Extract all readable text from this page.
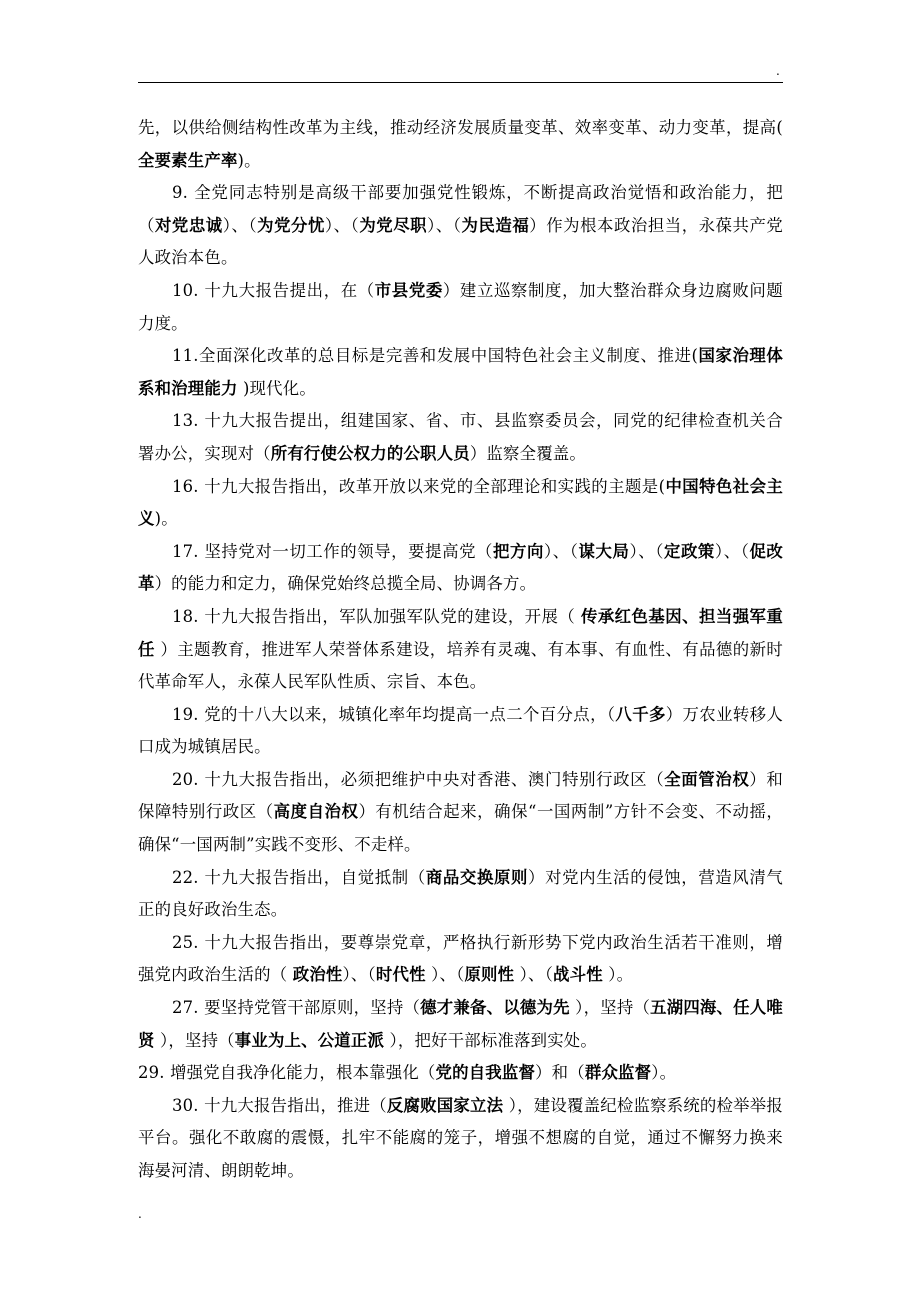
.

先，以供给侧结构性改革为主线，推动经济发展质量变革、效率变革、动力变革，提高( 全要素生产率)。

9. 全党同志特别是高级干部要加强党性锻炼，不断提高政治觉悟和政治能力，把（对党忠诚）、（为党分忧）、（为党尽职）、（为民造福）作为根本政治担当，永葆共产党人政治本色。

10. 十九大报告提出，在（市县党委）建立巡察制度，加大整治群众身边腐败问题力度。

11.全面深化改革的总目标是完善和发展中国特色社会主义制度、推进(国家治理体系和治理能力 )现代化。

13. 十九大报告提出，组建国家、省、市、县监察委员会，同党的纪律检查机关合署办公，实现对（所有行使公权力的公职人员）监察全覆盖。

16. 十九大报告指出，改革开放以来党的全部理论和实践的主题是(中国特色社会主义)。

17. 坚持党对一切工作的领导，要提高党（把方向）、（谋大局）、（定政策）、（促改革）的能力和定力，确保党始终总揽全局、协调各方。

18. 十九大报告指出，军队加强军队党的建设，开展（ 传承红色基因、担当强军重任 ）主题教育，推进军人荣誉体系建设，培养有灵魂、有本事、有血性、有品德的新时代革命军人，永葆人民军队性质、宗旨、本色。

19. 党的十八大以来，城镇化率年均提高一点二个百分点，（八千多）万农业转移人口成为城镇居民。

20. 十九大报告指出，必须把维护中央对香港、澳门特别行政区（全面管治权）和保障特别行政区（高度自治权）有机结合起来，确保“一国两制”方针不会变、不动摇，确保“一国两制”实践不变形、不走样。

22. 十九大报告指出，自觉抵制（商品交换原则）对党内生活的侵蚀，营造风清气正的良好政治生态。

25. 十九大报告指出，要尊崇党章，严格执行新形势下党内政治生活若干准则，增强党内政治生活的（ 政治性）、（时代性 ）、（原则性 ）、（战斗性 ）。

27. 要坚持党管干部原则，坚持（德才兼备、以德为先 ），坚持（五湖四海、任人唯贤 ），坚持（事业为上、公道正派 ），把好干部标准落到实处。

29. 增强党自我净化能力，根本靠强化（党的自我监督）和（群众监督）。

30. 十九大报告指出，推进（反腐败国家立法 ），建设覆盖纪检监察系统的检举举报平台。强化不敢腐的震慑，扎牢不能腐的笼子，增强不想腐的自觉，通过不懈努力换来海晏河清、朗朗乾坤。

.
